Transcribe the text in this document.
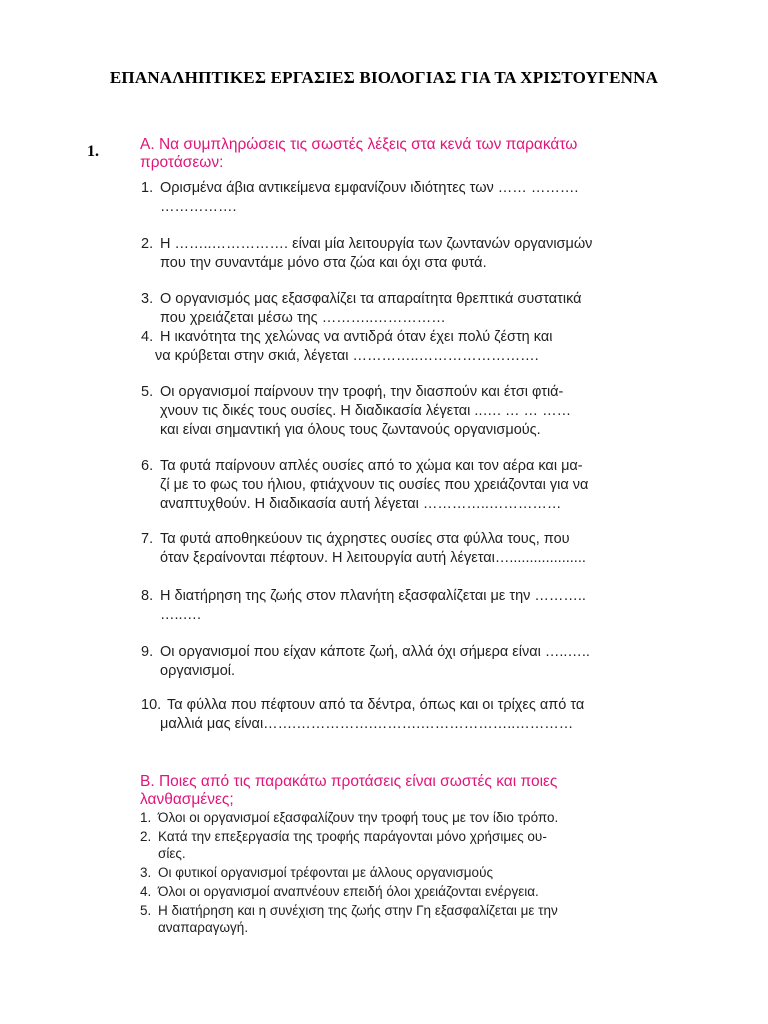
ΕΠΑΝΑΛΗΠΤΙΚΕΣ ΕΡΓΑΣΙΕΣ ΒΙΟΛΟΓΙΑΣ ΓΙΑ ΤΑ ΧΡΙΣΤΟΥΓΕΝΝΑ
1.	Α. Να συμπληρώσεις τις σωστές λέξεις στα κενά των παρακάτω
προτάσεων:
1. Ορισμένα άβια αντικείμενα εμφανίζουν ιδιότητες των …… ……….
…………….
2. Η ……..……………. είναι μία λειτουργία των ζωντανών οργανισμών
που την συναντάμε μόνο στα ζώα και όχι στα φυτά.
3. Ο οργανισμός μας εξασφαλίζει τα απαραίτητα θρεπτικά συστατικά
που χρειάζεται μέσω της ………..……………
4. Η ικανότητα της χελώνας να αντιδρά όταν έχει πολύ ζέστη και
να κρύβεται στην σκιά, λέγεται …………..…………………….
5. Οι οργανισμοί παίρνουν την τροφή, την διασπούν και έτσι φτιά-
χνουν τις δικές τους ουσίες. Η διαδικασία λέγεται ..…. … … ……
και είναι σημαντική για όλους τους ζωντανούς οργανισμούς.
6. Τα φυτά παίρνουν απλές ουσίες από το χώμα και τον αέρα και μα-
ζί με το φως του ήλιου, φτιάχνουν τις ουσίες που χρειάζονται για να
αναπτυχθούν. Η διαδικασία αυτή λέγεται …………..……………
7. Τα φυτά αποθηκεύουν τις άχρηστες ουσίες στα φύλλα τους, που
όταν ξεραίνονται πέφτουν. Η λειτουργία αυτή λέγεται…...................
8. Η διατήρηση της ζωής στον πλανήτη εξασφαλίζεται με την ………..
…..….
9. Οι οργανισμοί που είχαν κάποτε ζωή, αλλά όχι σήμερα είναι …..…..
οργανισμοί.
10. Τα φύλλα που πέφτουν από τα δέντρα, όπως και οι τρίχες από τα
μαλλιά μας είναι…….…………….……….………………..…………
Β. Ποιες από τις παρακάτω προτάσεις είναι σωστές και ποιες
λανθασμένες;
1. Όλοι οι οργανισμοί εξασφαλίζουν την τροφή τους με τον ίδιο τρόπο.
2. Κατά την επεξεργασία της τροφής παράγονται μόνο χρήσιμες ου-
σίες.
3. Οι φυτικοί οργανισμοί τρέφονται με άλλους οργανισμούς
4. Όλοι οι οργανισμοί αναπνέουν επειδή όλοι χρειάζονται ενέργεια.
5. Η διατήρηση και η συνέχιση της ζωής στην Γη εξασφαλίζεται με την
αναπαραγωγή.
